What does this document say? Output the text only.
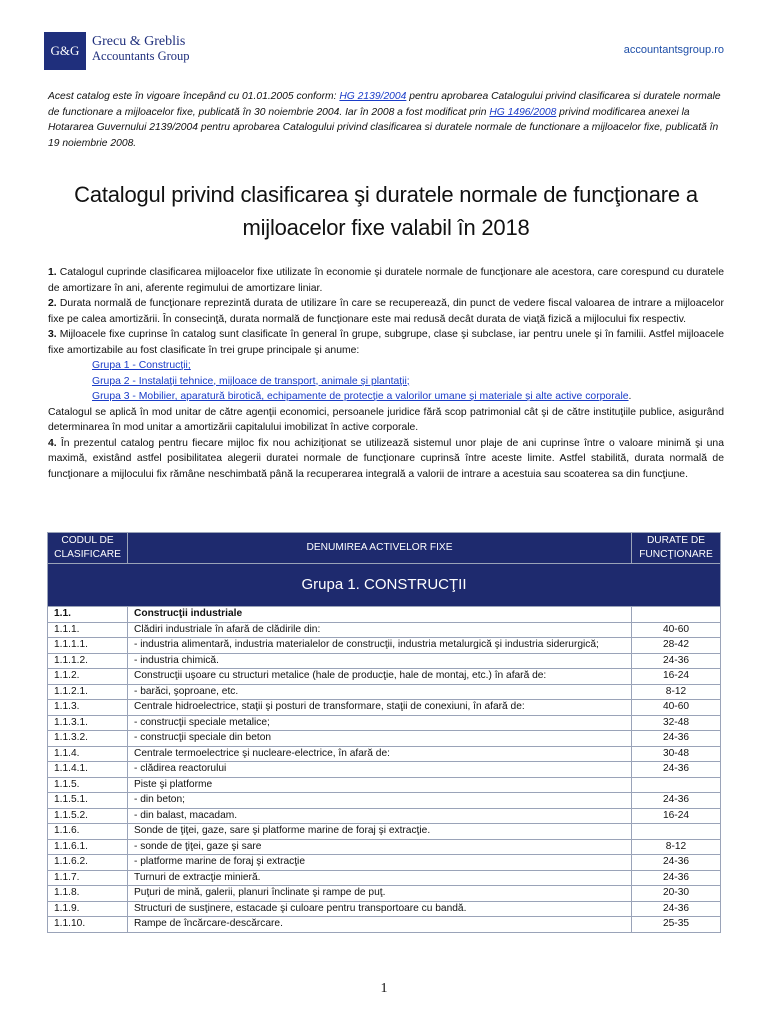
G&G
Grecu & Greblis
Accountants Group	accountantsgroup.ro
Acest catalog este în vigoare începând cu 01.01.2005 conform: HG 2139/2004 pentru aprobarea Catalogului privind clasificarea si duratele normale de functionare a mijloacelor fixe, publicată în 30 noiembrie 2004. Iar în 2008 a fost modificat prin HG 1496/2008 privind modificarea anexei la Hotararea Guvernului 2139/2004 pentru aprobarea Catalogului privind clasificarea si duratele normale de functionare a mijloacelor fixe, publicată în 19 noiembrie 2008.
Catalogul privind clasificarea şi duratele normale de funcţionare a mijloacelor fixe valabil în 2018

1. Catalogul cuprinde clasificarea mijloacelor fixe utilizate în economie şi duratele normale de funcţionare ale acestora, care corespund cu duratele de amortizare în ani, aferente regimului de amortizare liniar.

2. Durata normală de funcţionare reprezintă durata de utilizare în care se recuperează, din punct de vedere fiscal valoarea de intrare a mijloacelor fixe pe calea amortizării. În consecinţă, durata normală de funcţionare este mai redusă decât durata de viaţă fizică a mijlocului fix respectiv.

3. Mijloacele fixe cuprinse în catalog sunt clasificate în general în grupe, subgrupe, clase şi subclase, iar pentru unele şi în familii. Astfel mijloacele fixe amortizabile au fost clasificate în trei grupe principale şi anume:

Grupa 1 - Construcţii;

Grupa 2 - Instalaţii tehnice, mijloace de transport, animale şi plantaţii;

Grupa 3 - Mobilier, aparatură birotică, echipamente de protecţie a valorilor umane şi materiale şi alte active corporale.

Catalogul se aplică în mod unitar de către agenţii economici, persoanele juridice fără scop patrimonial cât şi de către instituţiile publice, asigurând determinarea în mod unitar a amortizării capitalului imobilizat în active corporale.

4. În prezentul catalog pentru fiecare mijloc fix nou achiziţionat se utilizează sistemul unor plaje de ani cuprinse între o valoare minimă şi una maximă, existând astfel posibilitatea alegerii duratei normale de funcţionare cuprinsă între aceste limite. Astfel stabilită, durata normală de funcţionare a mijlocului fix rămâne neschimbată până la recuperarea integrală a valorii de intrare a acestuia sau scoaterea sa din funcţiune.

CODUL DE CLASIFICARE	DENUMIREA ACTIVELOR FIXE	DURATE DE FUNCŢIONARE
Grupa 1. CONSTRUCŢII		
1.1.	Construcţii industriale	
1.1.1.	Clădiri industriale în afară de clădirile din:	40-60
1.1.1.1.	- industria alimentară, industria materialelor de construcţii, industria metalurgică şi industria siderurgică;	28-42
1.1.1.2.	- industria chimică.	24-36
1.1.2.	Construcţii uşoare cu structuri metalice (hale de producţie, hale de montaj, etc.) în afară de:	16-24
1.1.2.1.	- barăci, şoproane, etc.	8-12
1.1.3.	Centrale hidroelectrice, staţii şi posturi de transformare, staţii de conexiuni, în afară de:	40-60
1.1.3.1.	- construcţii speciale metalice;	32-48
1.1.3.2.	- construcţii speciale din beton	24-36
1.1.4.	Centrale termoelectrice şi nucleare-electrice, în afară de:	30-48
1.1.4.1.	- clădirea reactorului	24-36
1.1.5.	Piste şi platforme	
1.1.5.1.	- din beton;	24-36
1.1.5.2.	- din balast, macadam.	16-24
1.1.6.	Sonde de ţiţei, gaze, sare şi platforme marine de foraj şi extracţie.	
1.1.6.1.	- sonde de ţiţei, gaze şi sare	8-12
1.1.6.2.	- platforme marine de foraj şi extracţie	24-36
1.1.7.	Turnuri de extracţie minieră.	24-36
1.1.8.	Puţuri de mină, galerii, planuri înclinate şi rampe de puţ.	20-30
1.1.9.	Structuri de susţinere, estacade şi culoare pentru transportoare cu bandă.	24-36
1.1.10.	Rampe de încărcare-descărcare.	25-35
1
